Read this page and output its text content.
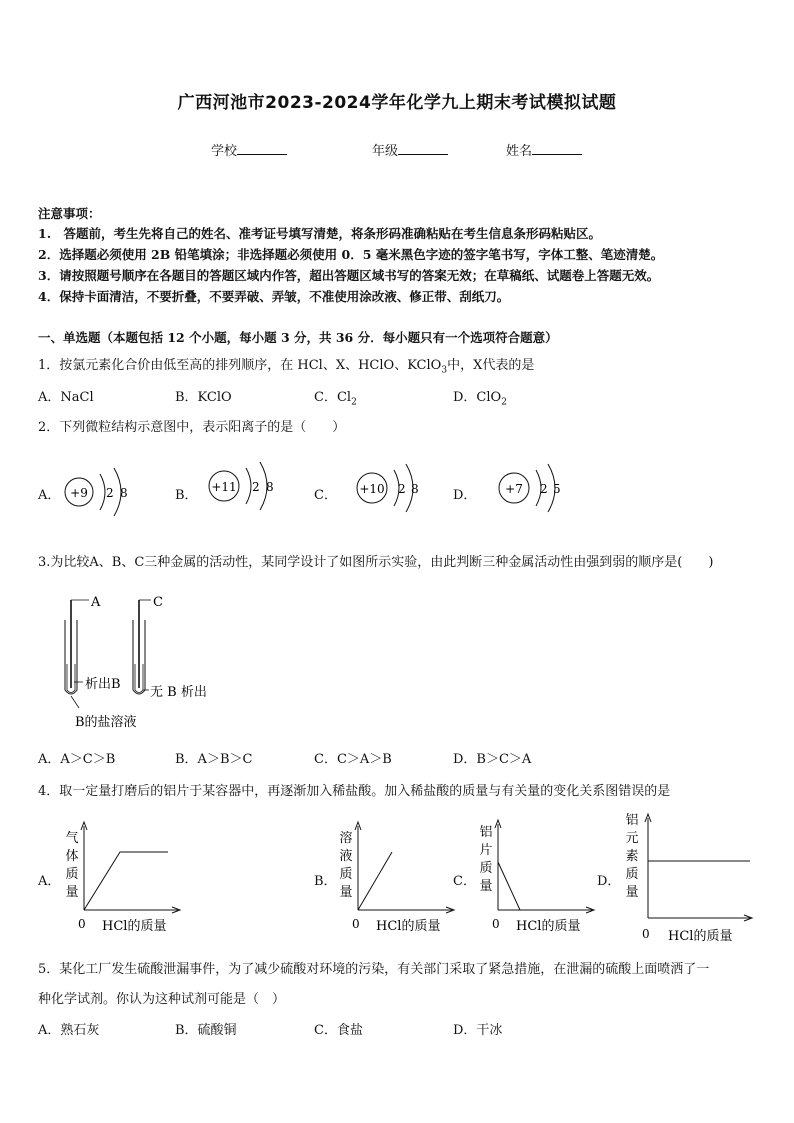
广西河池市2023-2024学年化学九上期末考试模拟试题
学校	年级	姓名
注意事项：
1.　答题前，考生先将自己的姓名、准考证号填写清楚，将条形码准确粘贴在考生信息条形码粘贴区。
2．选择题必须使用 2B 铅笔填涂；非选择题必须使用 0．5 毫米黑色字迹的签字笔书写，字体工整、笔迹清楚。
3．请按照题号顺序在各题目的答题区域内作答，超出答题区域书写的答案无效；在草稿纸、试题卷上答题无效。
4．保持卡面清洁，不要折叠，不要弄破、弄皱，不准使用涂改液、修正带、刮纸刀。
一、单选题（本题包括 12 个小题，每小题 3 分，共 36 分．每小题只有一个选项符合题意）
1．按氯元素化合价由低至高的排列顺序，在 HCl、X、HClO、KClO$_3$中，X代表的是
A．NaCl	B．KClO	C．$Cl_2$	D．ClO$_2$
2．下列微粒结构示意图中，表示阳离子的是（　　）
A． +9 2 8	B．
+11 2 8
C． +10 2 8	D． +7 2 5
3.为比较A、B、C三种金属的活动性，某同学设计了如图所示实验，由此判断三种金属活动性由强到弱的顺序是(　　)
A
析出B
C
无 B 析出
B的盐溶液
A．A＞C＞B	B．A＞B＞C	C．C＞A＞B	D．B＞C＞A
4．取一定量打磨后的铝片于某容器中，再逐渐加入稀盐酸。加入稀盐酸的质量与有关量的变化关系图错误的是
A．
气
体
质
量
0 HCl的质量
B．
溶
液
质
量
0 HCl的质量
C．
铝
片
质
量
0 HCl的质量
D．
铝
元
素
质
量
0 HCl的质量
5．某化工厂发生硫酸泄漏事件，为了减少硫酸对环境的污染，有关部门采取了紧急措施，在泄漏的硫酸上面喷洒了一
种化学试剂。你认为这种试剂可能是（　）
A．熟石灰	B．硫酸铜	C．食盐	D．干冰
